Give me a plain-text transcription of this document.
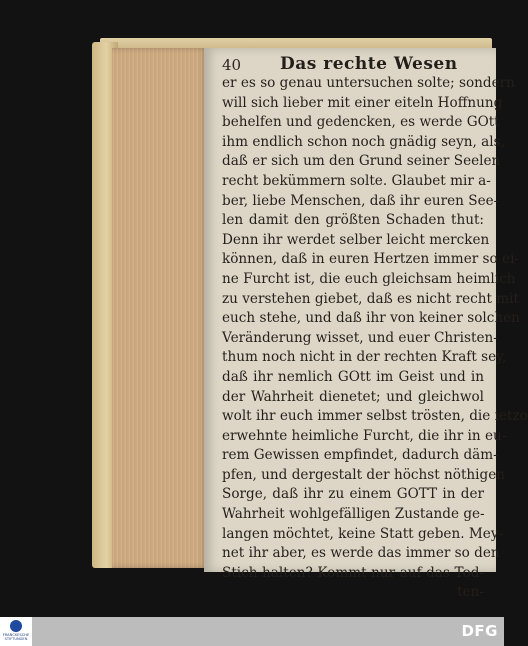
40 Das rechte Wesen
er es so genau untersuchen solte; sondern
will sich lieber mit einer eiteln Hoffnung
behelfen und gedencken, es werde GOtt
ihm endlich schon noch gnädig seyn, als,
daß er sich um den Grund seiner Seelen
recht bekümmern solte. Glaubet mir a-
ber, liebe Menschen, daß ihr euren See-
len damit den größten Schaden thut:
Denn ihr werdet selber leicht mercken
können, daß in euren Hertzen immer so ei-
ne Furcht ist, die euch gleichsam heimlich
zu verstehen giebet, daß es nicht recht mit
euch stehe, und daß ihr von keiner solchen
Veränderung wisset, und euer Christen-
thum noch nicht in der rechten Kraft sey,
daß ihr nemlich GOtt im Geist und in
der Wahrheit dienetet; und gleichwol
wolt ihr euch immer selbst trösten, die ietzo
erwehnte heimliche Furcht, die ihr in eu-
rem Gewissen empfindet, dadurch däm-
pfen, und dergestalt der höchst nöthigen
Sorge, daß ihr zu einem GOTT in der
Wahrheit wohlgefälligen Zustande ge-
langen möchtet, keine Statt geben. Mey-
net ihr aber, es werde das immer so den
Stich halten? Kommt nur auf das Tod-
ten-
FRANCKESCHE STIFTUNGEN	DFG
